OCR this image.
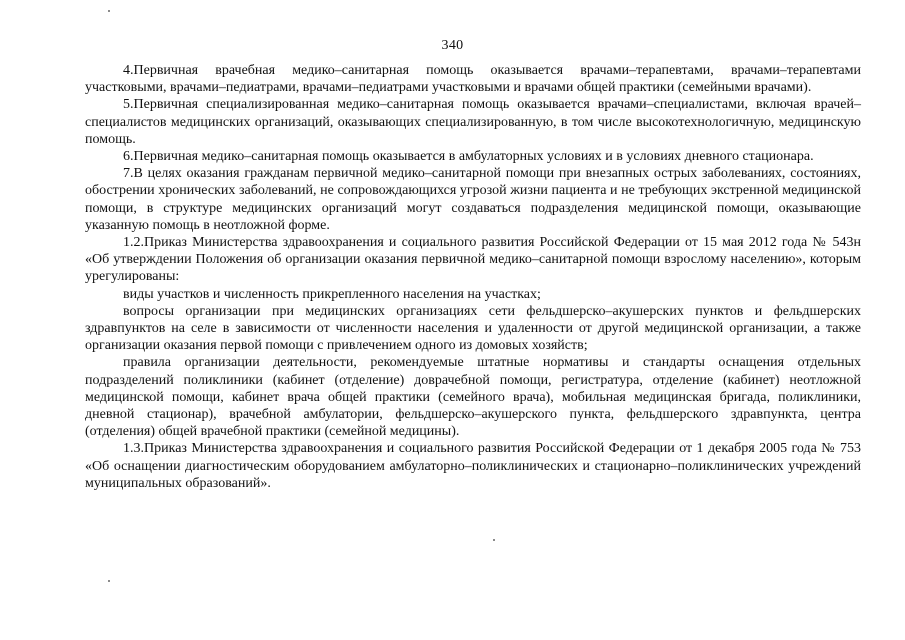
340

4.Первичная врачебная медико–санитарная помощь оказывается врачами–терапевтами, врачами–терапевтами участковыми, врачами–педиатрами, врачами–педиатрами участковыми и врачами общей практики (семейными врачами).

5.Первичная специализированная медико–санитарная помощь оказывается врачами–специалистами, включая врачей– специалистов медицинских организаций, оказывающих специализированную, в том числе высокотехнологичную, медицинскую помощь.

6.Первичная медико–санитарная помощь оказывается в амбулаторных условиях и в условиях дневного стационара.

7.В целях оказания гражданам первичной медико–санитарной помощи при внезапных острых заболеваниях, состояниях, обострении хронических заболеваний, не сопровождающихся угрозой жизни пациента и не требующих экстренной медицинской помощи, в структуре медицинских организаций могут создаваться подразделения медицинской помощи, оказывающие указанную помощь в неотложной форме.

1.2.Приказ Министерства здравоохранения и социального развития Российской Федерации от 15 мая 2012 года № 543н «Об утверждении Положения об организации оказания первичной медико–санитарной помощи взрослому населению», которым урегулированы:

виды участков и численность прикрепленного населения на участках;

вопросы организации при медицинских организациях сети фельдшерско–акушерских пунктов и фельдшерских здравпунктов на селе в зависимости от численности населения и удаленности от другой медицинской организации, а также организации оказания первой помощи с привлечением одного из домовых хозяйств;

правила организации деятельности, рекомендуемые штатные нормативы и стандарты оснащения отдельных подразделений поликлиники (кабинет (отделение) доврачебной помощи, регистратура, отделение (кабинет) неотложной медицинской помощи, кабинет врача общей практики (семейного врача), мобильная медицинская бригада, поликлиники, дневной стационар), врачебной амбулатории, фельдшерско–акушерского пункта, фельдшерского здравпункта, центра (отделения) общей врачебной практики (семейной медицины).

1.3.Приказ Министерства здравоохранения и социального развития Российской Федерации от 1 декабря 2005 года № 753 «Об оснащении диагностическим оборудованием амбулаторно–поликлинических и стационарно–поликлинических учреждений муниципальных образований».
